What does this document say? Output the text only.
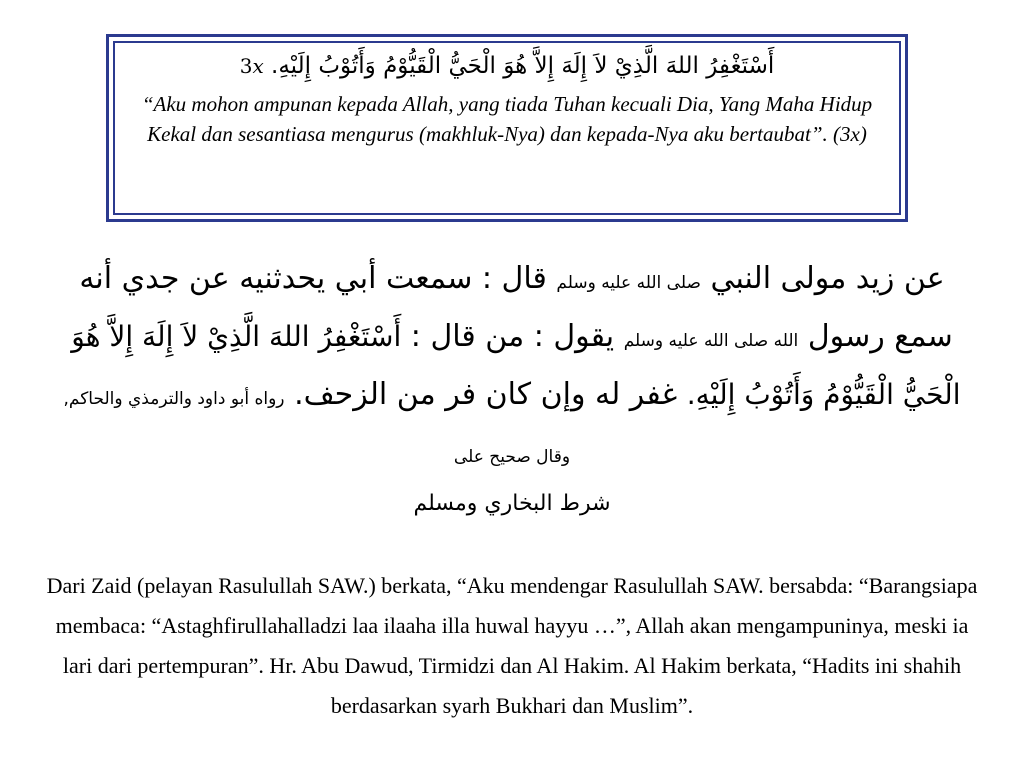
3x أَسْتَغْفِرُ اللهَ الَّذِيْ لاَ إِلَهَ إِلاَّ هُوَ الْحَيُّ الْقَيُّوْمُ وَأَتُوْبُ إِلَيْهِ.
“Aku mohon ampunan kepada Allah, yang tiada Tuhan kecuali Dia, Yang Maha Hidup Kekal dan sesantiasa mengurus (makhluk-Nya) dan kepada-Nya aku bertaubat”. (3x)
عن زيد مولى النبي صلى الله عليه وسلم قال : سمعت أبي يحدثنيه عن جدي أنه سمع رسول الله صلى الله عليه وسلم يقول : من قال : أَسْتَغْفِرُ اللهَ الَّذِيْ لاَ إِلَهَ إِلاَّ هُوَ الْحَيُّ الْقَيُّوْمُ وَأَتُوْبُ إِلَيْهِ. غفر له وإن كان فر من الزحف. رواه أبو داود والترمذي والحاكم, وقال صحيح على
شرط البخاري ومسلم
Dari Zaid (pelayan Rasulullah SAW.) berkata, “Aku mendengar Rasulullah SAW. bersabda: “Barangsiapa membaca: “Astaghfirullahalladzi laa ilaaha illa huwal hayyu …”, Allah akan mengampuninya, meski ia lari dari pertempuran”. Hr. Abu Dawud, Tirmidzi dan Al Hakim. Al Hakim berkata, “Hadits ini shahih berdasarkan syarh Bukhari dan Muslim”.
